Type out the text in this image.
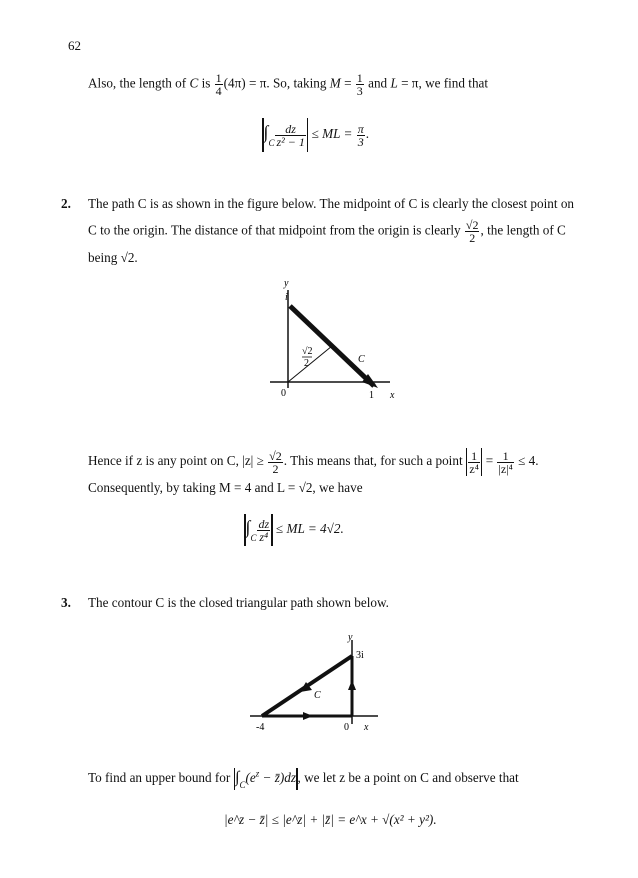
62
Also, the length of C is $\frac{1}{4} (4\pi) = \pi$. So, taking $M = \frac{1}{3}$ and L = π, we find that
$\int_C \frac{dz}{\text{z² − 1}}$ ≤ ML = $\frac{\pi}{3}$ .
2. The path C is as shown in the figure below. The midpoint of C is clearly the closest point on
C to the origin. The distance of that midpoint from the origin is clearly $\frac{√2}{2}$ , the length of C
being √2.
y
i
√2
2	C
0	1 x
Hence if z is any point on C, $|z| \ge \frac{√2}{2}$ . This means that, for such a point $\frac{1}{\text{z⁴}} = \frac{1}{\text{|z|⁴}} \le 4$.
Consequently, by taking M = 4 and L = √2, we have
$\int_C \frac{dz}{\text{z⁴}}$ ≤ ML = 4√2.
3. The contour C is the closed triangular path shown below.
y
3i
C
-4	0 x
To find an upper bound for $\int_C(e^z$ − z̄)dz , we let z be a point on C and observe that
|e^z − z̄| ≤ |e^z| + |z̄| = e^x + √(x² + y²).
